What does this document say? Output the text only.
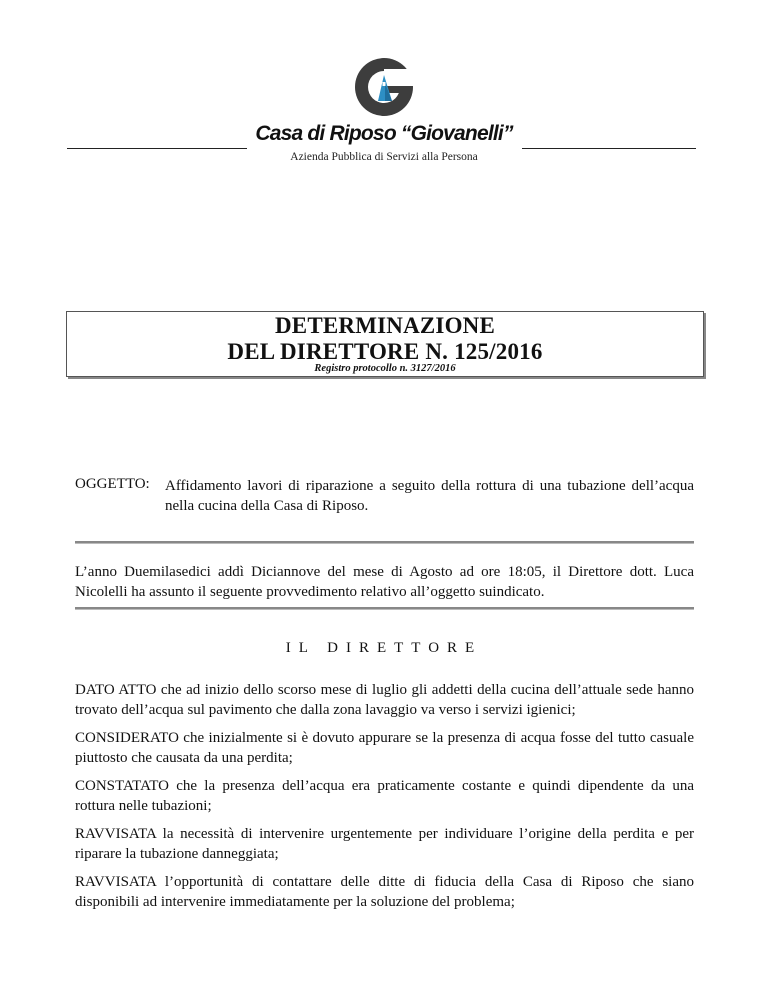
Casa di Riposo “Giovanelli”
Azienda Pubblica di Servizi alla Persona
DETERMINAZIONE
DEL DIRETTORE N. 125/2016
Registro protocollo n. 3127/2016
OGGETTO: Affidamento lavori di riparazione a seguito della rottura di una tubazione dell’acqua nella cucina della Casa di Riposo.
L’anno Duemilasedici addì Diciannove del mese di Agosto ad ore 18:05, il Direttore dott. Luca Nicolelli ha assunto il seguente provvedimento relativo all’oggetto suindicato.
IL DIRETTORE
DATO ATTO che ad inizio dello scorso mese di luglio gli addetti della cucina dell’attuale sede hanno trovato dell’acqua sul pavimento che dalla zona lavaggio va verso i servizi igienici;
CONSIDERATO che inizialmente si è dovuto appurare se la presenza di acqua fosse del tutto casuale piuttosto che causata da una perdita;
CONSTATATO che la presenza dell’acqua era praticamente costante e quindi dipendente da una rottura nelle tubazioni;
RAVVISATA la necessità di intervenire urgentemente per individuare l’origine della perdita e per riparare la tubazione danneggiata;
RAVVISATA l’opportunità di contattare delle ditte di fiducia della Casa di Riposo che siano disponibili ad intervenire immediatamente per la soluzione del problema;
